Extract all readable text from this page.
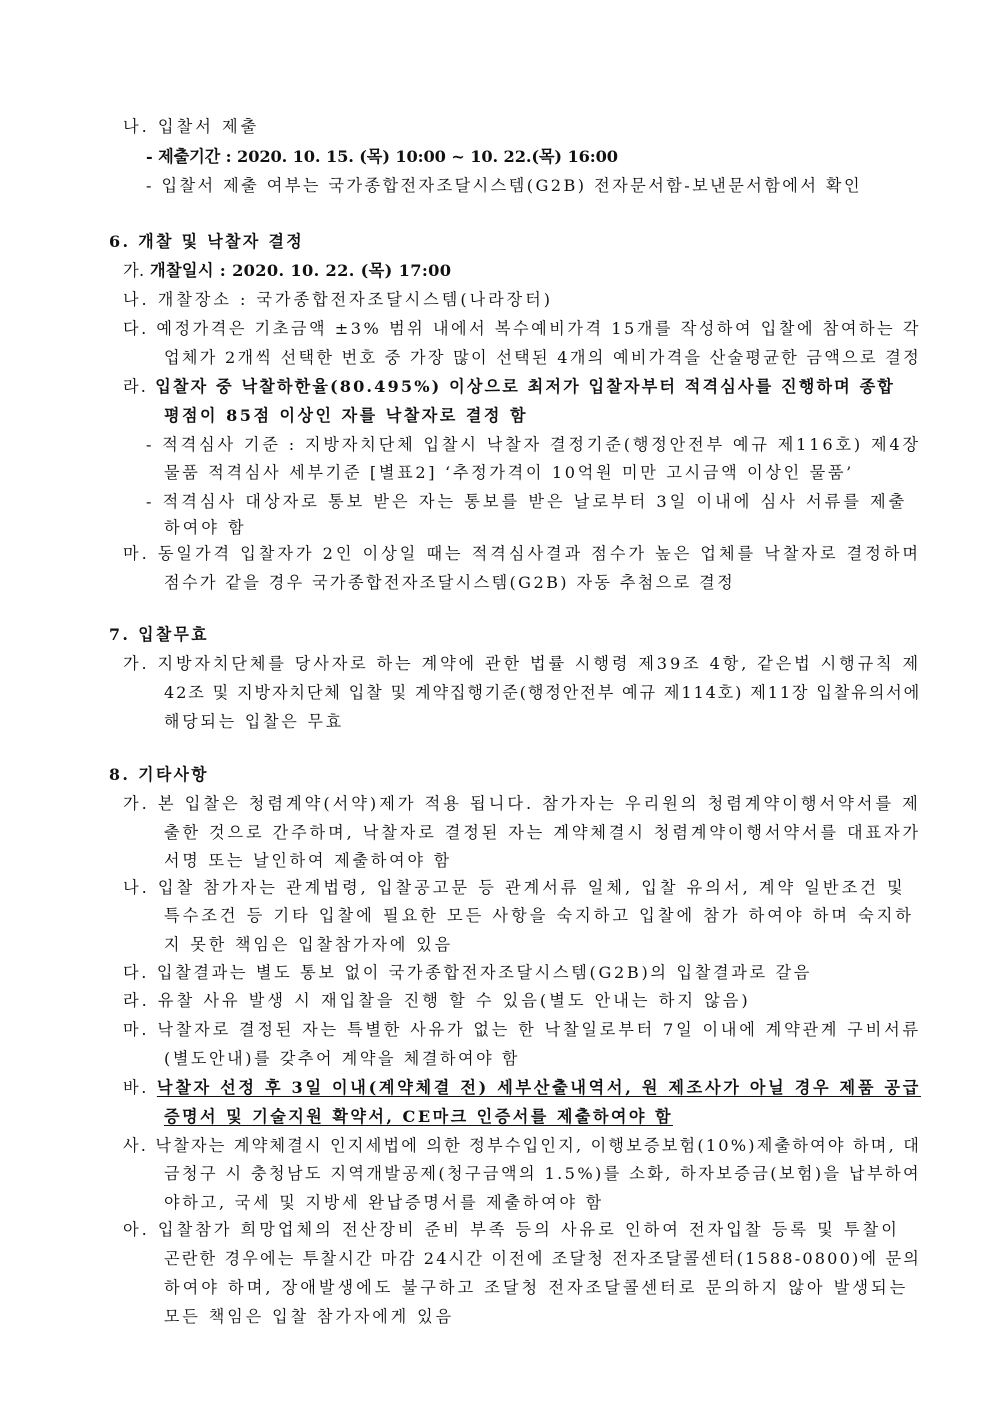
나. 입찰서 제출
- 제출기간 : 2020. 10. 15. (목) 10:00 ~ 10. 22.(목) 16:00
- 입찰서 제출 여부는 국가종합전자조달시스템(G2B) 전자문서함-보낸문서함에서 확인
6. 개찰 및 낙찰자 결정
가. 개찰일시 : 2020. 10. 22. (목) 17:00
나. 개찰장소 : 국가종합전자조달시스템(나라장터)
다. 예정가격은 기초금액 ±3% 범위 내에서 복수예비가격 15개를 작성하여 입찰에 참여하는 각
업체가 2개씩 선택한 번호 중 가장 많이 선택된 4개의 예비가격을 산술평균한 금액으로 결정
라. 입찰자 중 낙찰하한율(80.495%) 이상으로 최저가 입찰자부터 적격심사를 진행하며 종합
평점이 85점 이상인 자를 낙찰자로 결정 함
- 적격심사 기준 : 지방자치단체 입찰시 낙찰자 결정기준(행정안전부 예규 제116호) 제4장
물품 적격심사 세부기준 [별표2] ‘추정가격이 10억원 미만 고시금액 이상인 물품’
- 적격심사 대상자로 통보 받은 자는 통보를 받은 날로부터 3일 이내에 심사 서류를 제출
하여야 함
마. 동일가격 입찰자가 2인 이상일 때는 적격심사결과 점수가 높은 업체를 낙찰자로 결정하며
점수가 같을 경우 국가종합전자조달시스템(G2B) 자동 추첨으로 결정
7. 입찰무효
가. 지방자치단체를 당사자로 하는 계약에 관한 법률 시행령 제39조 4항, 같은법 시행규칙 제
42조 및 지방자치단체 입찰 및 계약집행기준(행정안전부 예규 제114호) 제11장 입찰유의서에
해당되는 입찰은 무효
8. 기타사항
가. 본 입찰은 청렴계약(서약)제가 적용 됩니다. 참가자는 우리원의 청렴계약이행서약서를 제
출한 것으로 간주하며, 낙찰자로 결정된 자는 계약체결시 청렴계약이행서약서를 대표자가
서명 또는 날인하여 제출하여야 함
나. 입찰 참가자는 관계법령, 입찰공고문 등 관계서류 일체, 입찰 유의서, 계약 일반조건 및
특수조건 등 기타 입찰에 필요한 모든 사항을 숙지하고 입찰에 참가 하여야 하며 숙지하
지 못한 책임은 입찰참가자에 있음
다. 입찰결과는 별도 통보 없이 국가종합전자조달시스템(G2B)의 입찰결과로 갈음
라. 유찰 사유 발생 시 재입찰을 진행 할 수 있음(별도 안내는 하지 않음)
마. 낙찰자로 결정된 자는 특별한 사유가 없는 한 낙찰일로부터 7일 이내에 계약관계 구비서류
(별도안내)를 갖추어 계약을 체결하여야 함
바. 낙찰자 선정 후 3일 이내(계약체결 전) 세부산출내역서, 원 제조사가 아닐 경우 제품 공급
증명서 및 기술지원 확약서, CE마크 인증서를 제출하여야 함
사. 낙찰자는 계약체결시 인지세법에 의한 정부수입인지, 이행보증보험(10%)제출하여야 하며, 대
금청구 시 충청남도 지역개발공제(청구금액의 1.5%)를 소화, 하자보증금(보험)을 납부하여
야하고, 국세 및 지방세 완납증명서를 제출하여야 함
아. 입찰참가 희망업체의 전산장비 준비 부족 등의 사유로 인하여 전자입찰 등록 및 투찰이
곤란한 경우에는 투찰시간 마감 24시간 이전에 조달청 전자조달콜센터(1588-0800)에 문의
하여야 하며, 장애발생에도 불구하고 조달청 전자조달콜센터로 문의하지 않아 발생되는
모든 책임은 입찰 참가자에게 있음
